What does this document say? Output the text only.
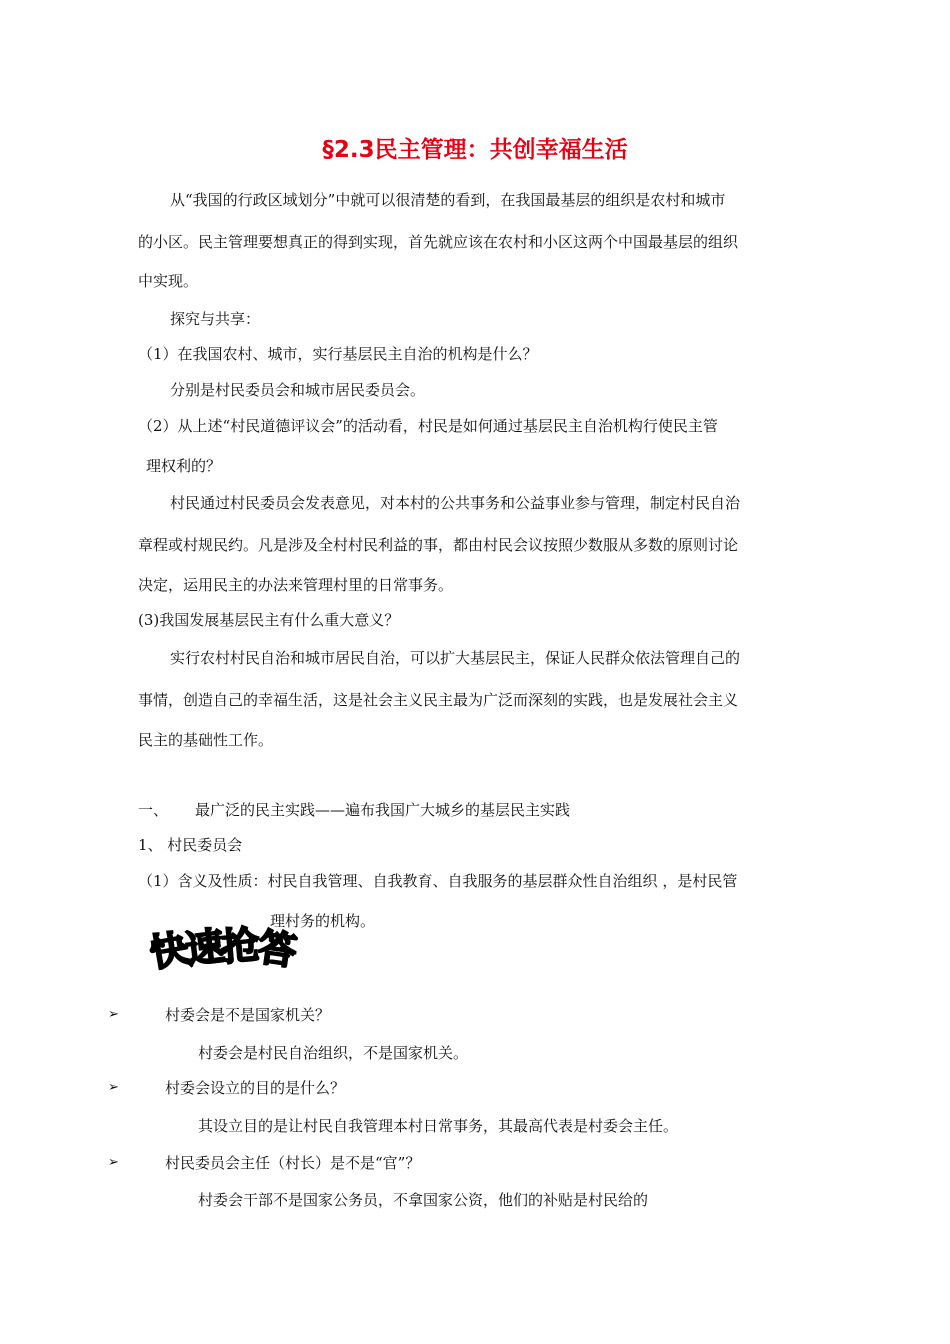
§2.3民主管理：共创幸福生活
从“我国的行政区域划分”中就可以很清楚的看到，在我国最基层的组织是农村和城市
的小区。民主管理要想真正的得到实现，首先就应该在农村和小区这两个中国最基层的组织
中实现。
探究与共享：
（1）在我国农村、城市，实行基层民主自治的机构是什么？
分别是村民委员会和城市居民委员会。
（2）从上述“村民道德评议会”的活动看，村民是如何通过基层民主自治机构行使民主管
理权利的？
村民通过村民委员会发表意见，对本村的公共事务和公益事业参与管理，制定村民自治
章程或村规民约。凡是涉及全村村民利益的事，都由村民会议按照少数服从多数的原则讨论
决定，运用民主的办法来管理村里的日常事务。
(3)我国发展基层民主有什么重大意义？
实行农村村民自治和城市居民自治，可以扩大基层民主，保证人民群众依法管理自己的
事情，创造自己的幸福生活，这是社会主义民主最为广泛而深刻的实践，也是发展社会主义
民主的基础性工作。
一、 最广泛的民主实践——遍布我国广大城乡的基层民主实践
1、 村民委员会
（1）含义及性质：村民自我管理、自我教育、自我服务的基层群众性自治组织 ，是村民管
理村务的机构。
快
速
抢
答
➢	村委会是不是国家机关？
村委会是村民自治组织，不是国家机关。
➢	村委会设立的目的是什么？
其设立目的是让村民自我管理本村日常事务，其最高代表是村委会主任。
➢	村民委员会主任（村长）是不是“官”？
村委会干部不是国家公务员，不拿国家公资，他们的补贴是村民给的
